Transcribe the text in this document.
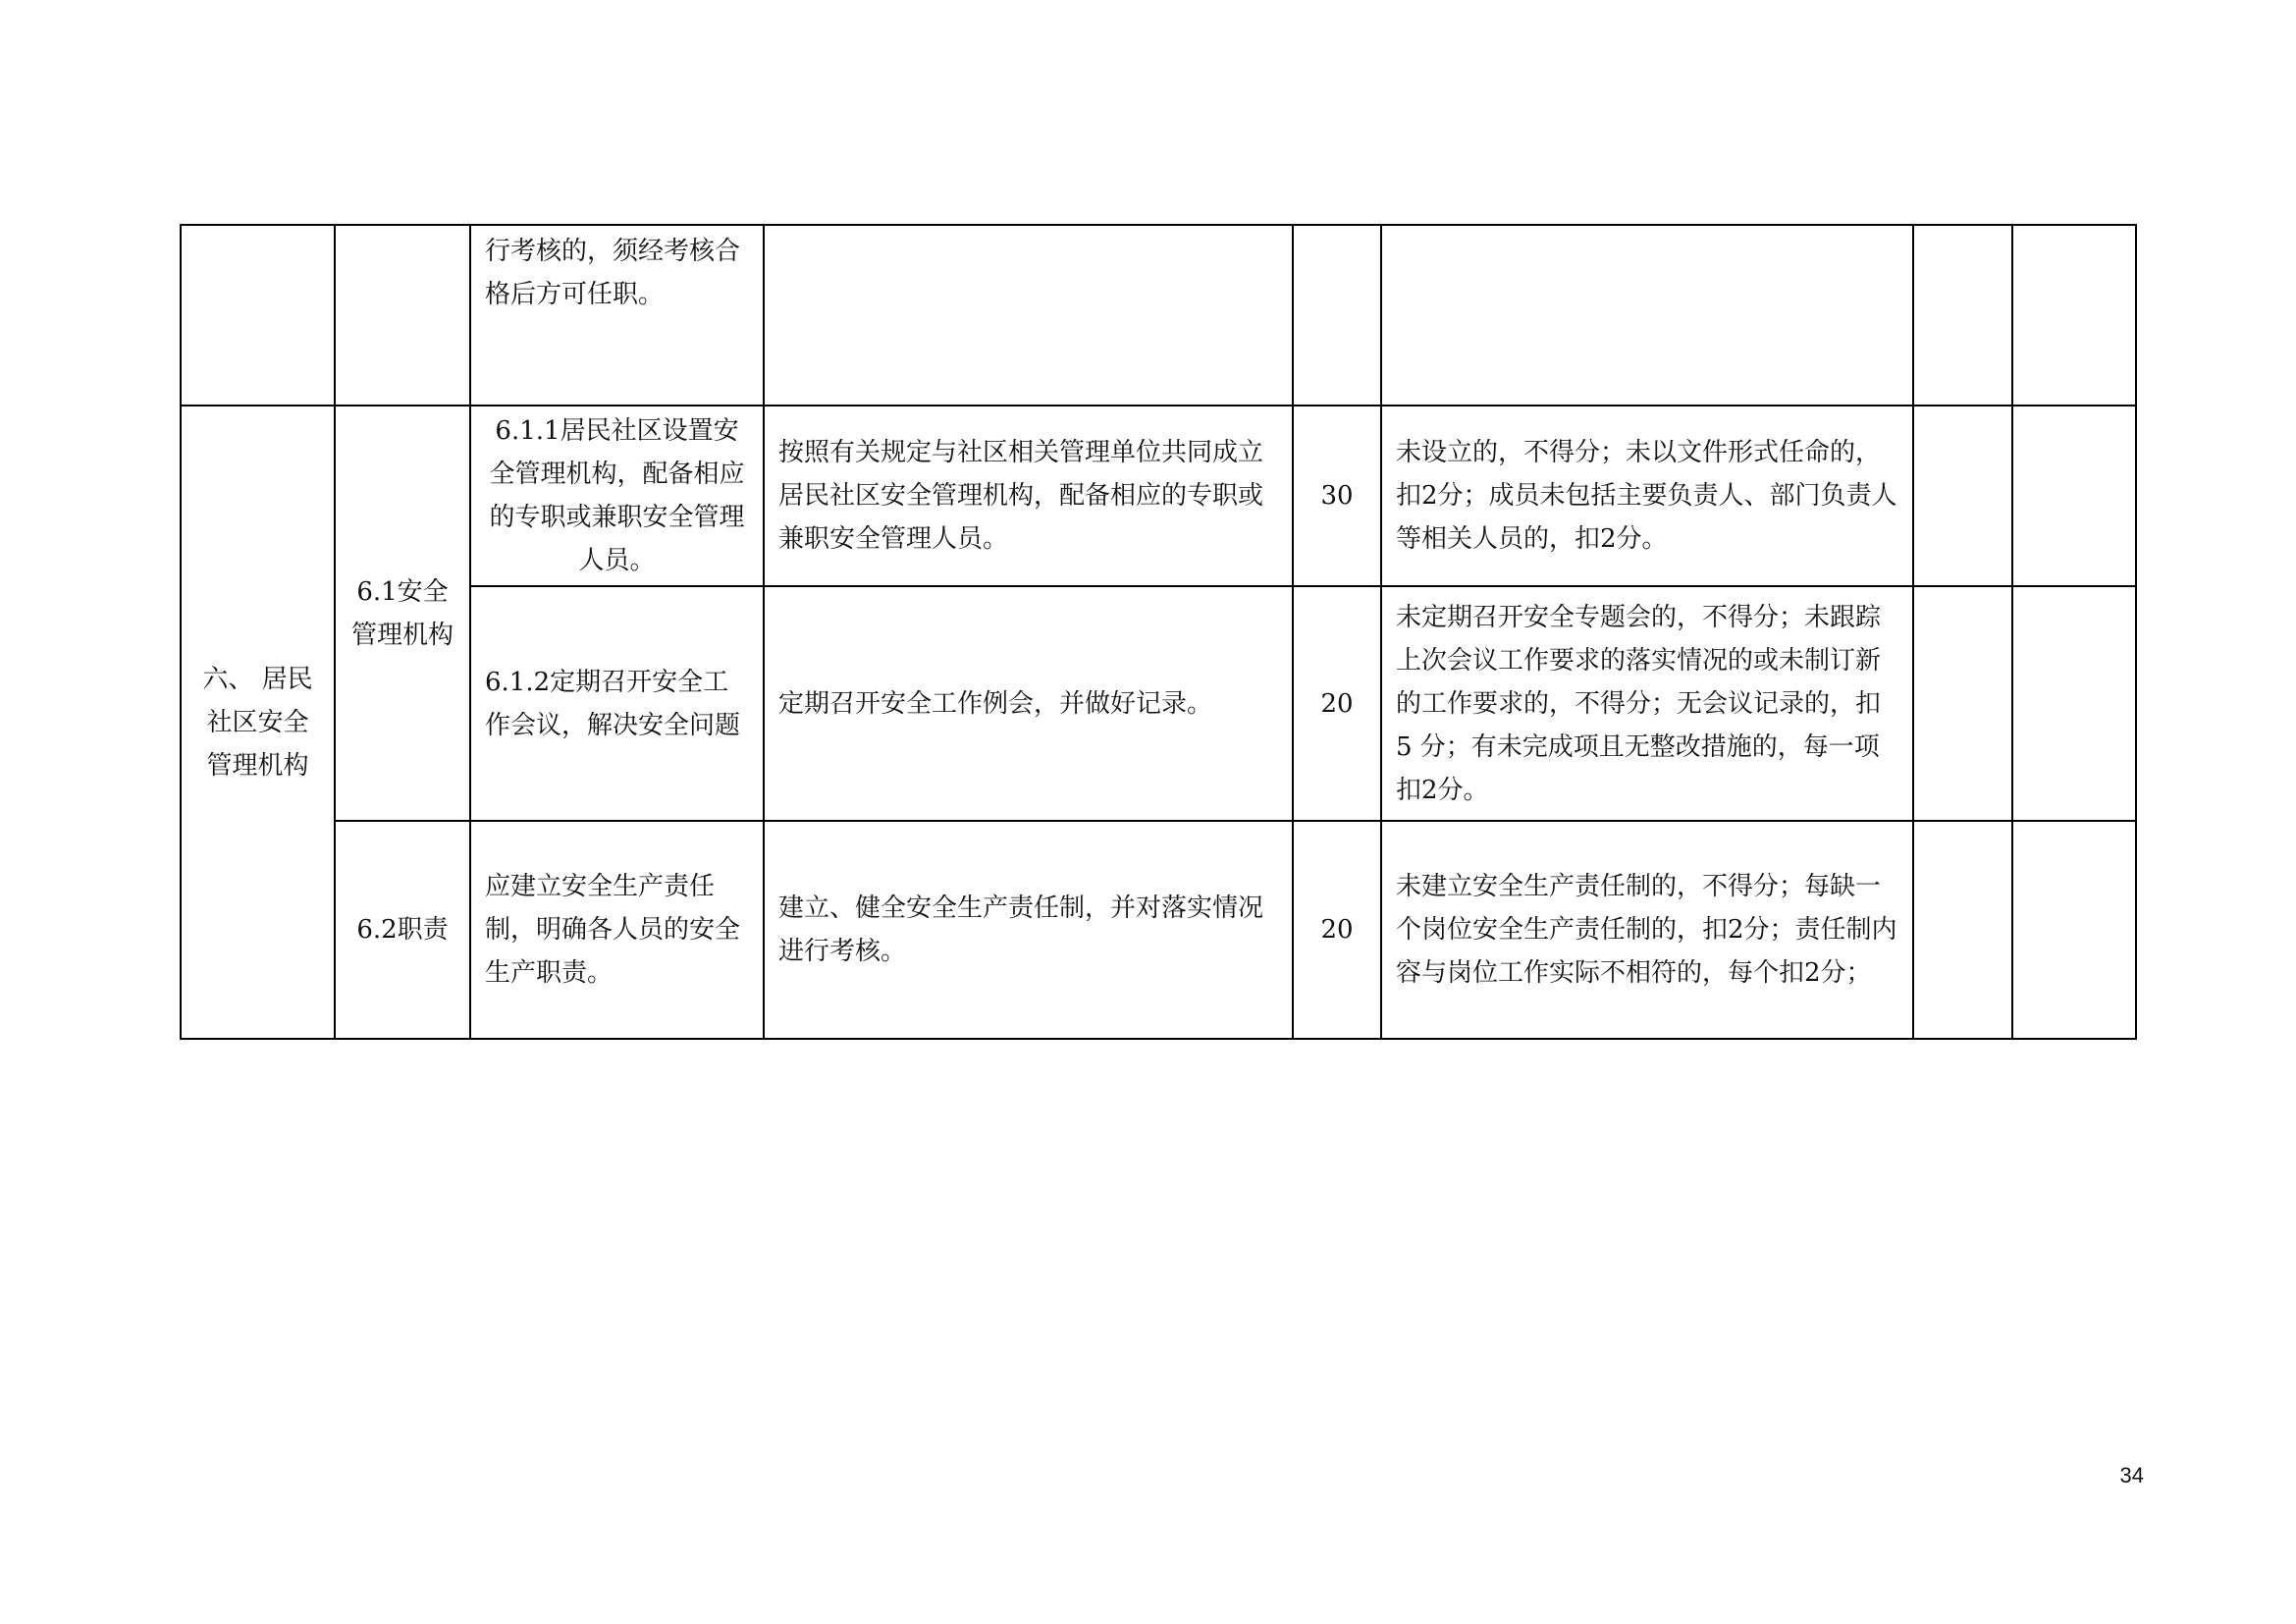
		行考核的，须经考核合格后方可任职。					
六、 居民社区安全管理机构	6.1安全管理机构	6.1.1居民社区设置安全管理机构，配备相应的专职或兼职安全管理人员。	按照有关规定与社区相关管理单位共同成立居民社区安全管理机构，配备相应的专职或兼职安全管理人员。	30	未设立的，不得分；未以文件形式任命的，扣2分；成员未包括主要负责人、部门负责人等相关人员的，扣2分。		
		6.1.2定期召开安全工作会议，解决安全问题	定期召开安全工作例会，并做好记录。	20	未定期召开安全专题会的，不得分；未跟踪上次会议工作要求的落实情况的或未制订新的工作要求的，不得分；无会议记录的，扣 5 分；有未完成项且无整改措施的，每一项扣2分。		
	6.2职责	应建立安全生产责任制，明确各人员的安全生产职责。	建立、健全安全生产责任制，并对落实情况进行考核。	20	未建立安全生产责任制的，不得分；每缺一个岗位安全生产责任制的，扣2分；责任制内容与岗位工作实际不相符的，每个扣2分；		
34
